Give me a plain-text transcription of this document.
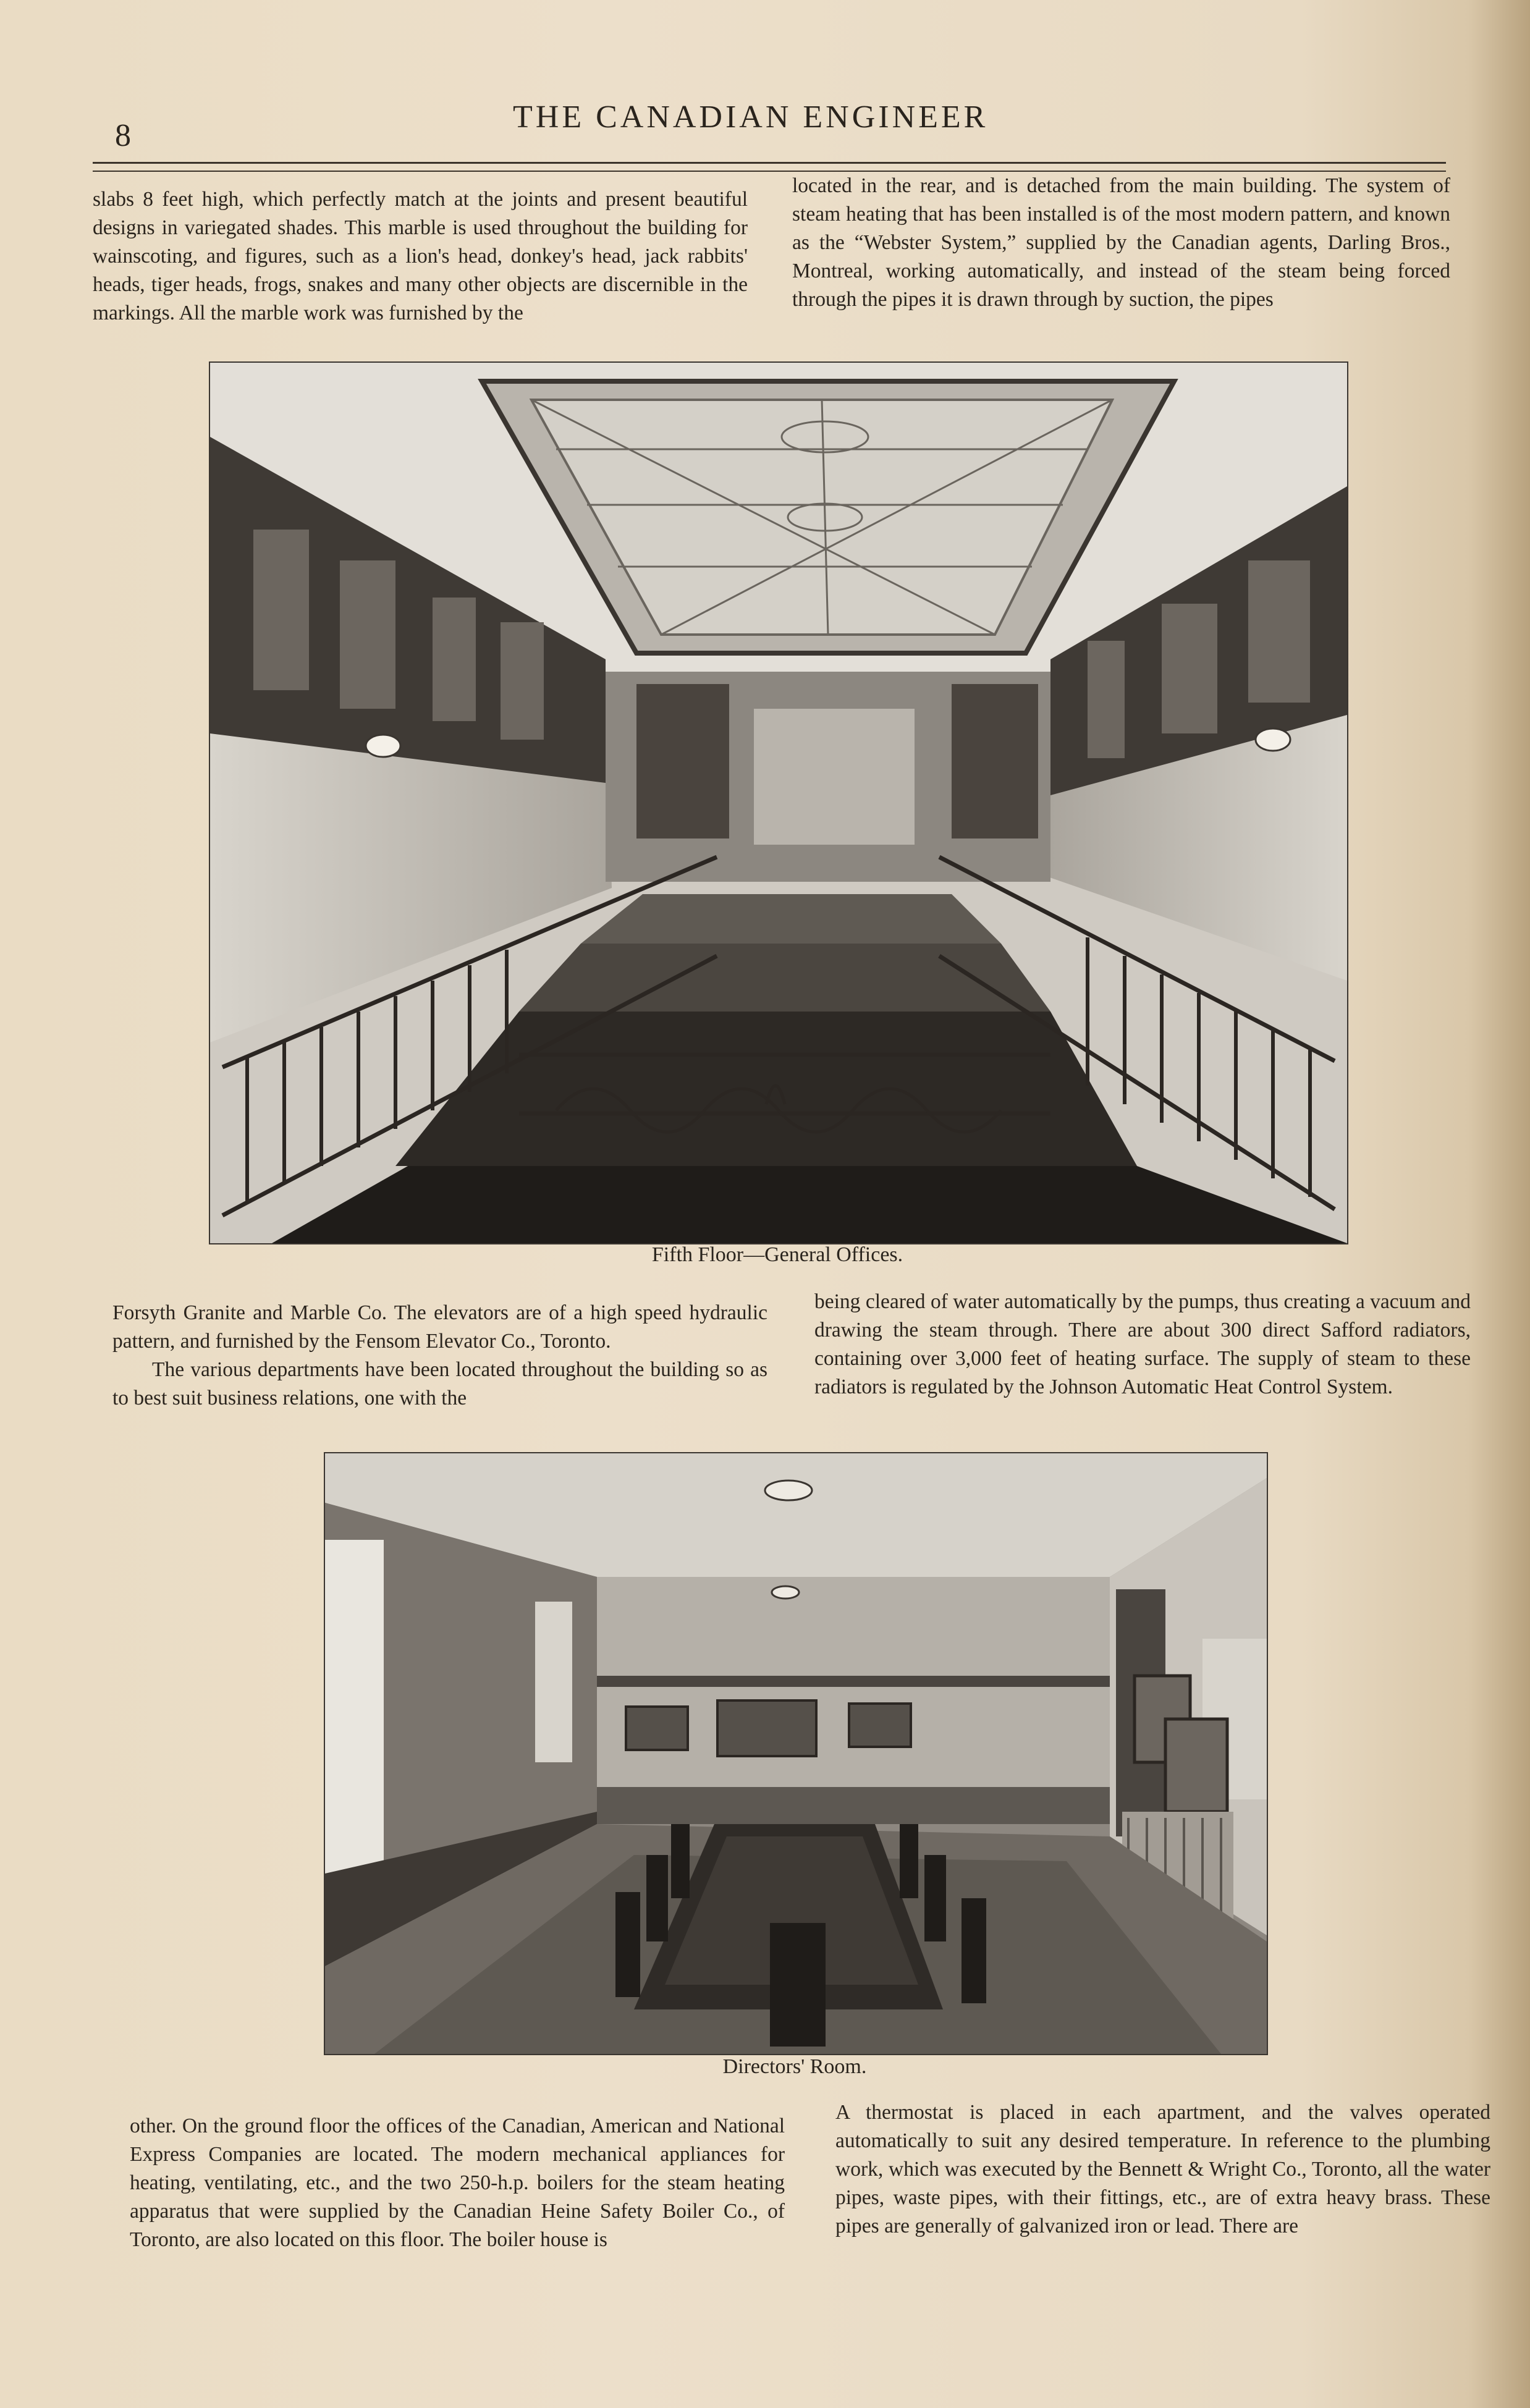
8
THE CANADIAN ENGINEER

slabs 8 feet high, which perfectly match at the joints and present beautiful designs in variegated shades. This marble is used throughout the building for wainscoting, and figures, such as a lion's head, donkey's head, jack rabbits' heads, tiger heads, frogs, snakes and many other objects are discernible in the markings. All the marble work was furnished by the

located in the rear, and is detached from the main building. The system of steam heating that has been installed is of the most modern pattern, and known as the “Webster System,” supplied by the Canadian agents, Darling Bros., Montreal, working automatically, and instead of the steam being forced through the pipes it is drawn through by suction, the pipes

Fifth Floor—General Offices.

Forsyth Granite and Marble Co. The elevators are of a high speed hydraulic pattern, and furnished by the Fensom Elevator Co., Toronto.

The various departments have been located throughout the building so as to best suit business relations, one with the

being cleared of water automatically by the pumps, thus creating a vacuum and drawing the steam through. There are about 300 direct Safford radiators, containing over 3,000 feet of heating surface. The supply of steam to these radiators is regulated by the Johnson Automatic Heat Control System.

Directors' Room.

other. On the ground floor the offices of the Canadian, American and National Express Companies are located. The modern mechanical appliances for heating, ventilating, etc., and the two 250-h.p. boilers for the steam heating apparatus that were supplied by the Canadian Heine Safety Boiler Co., of Toronto, are also located on this floor. The boiler house is

A thermostat is placed in each apartment, and the valves operated automatically to suit any desired temperature. In reference to the plumbing work, which was executed by the Bennett & Wright Co., Toronto, all the water pipes, waste pipes, with their fittings, etc., are of extra heavy brass. These pipes are generally of galvanized iron or lead. There are
